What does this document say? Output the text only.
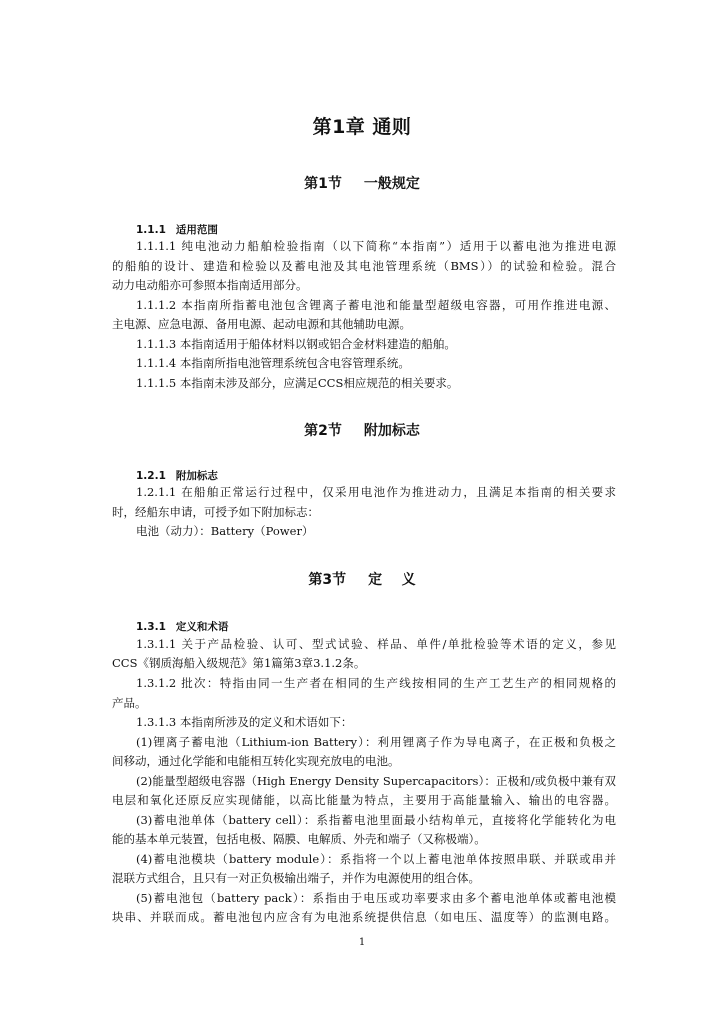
第1章 通则
第1节 一般规定
1.1.1 适用范围
1.1.1.1 纯电池动力船舶检验指南（以下简称“本指南”）适用于以蓄电池为推进电源
的船舶的设计、建造和检验以及蓄电池及其电池管理系统（BMS））的试验和检验。混合
动力电动船亦可参照本指南适用部分。
1.1.1.2 本指南所指蓄电池包含锂离子蓄电池和能量型超级电容器，可用作推进电源、
主电源、应急电源、备用电源、起动电源和其他辅助电源。
1.1.1.3 本指南适用于船体材料以钢或铝合金材料建造的船舶。
1.1.1.4 本指南所指电池管理系统包含电容管理系统。
1.1.1.5 本指南未涉及部分，应满足CCS相应规范的相关要求。
第2节 附加标志
1.2.1 附加标志
1.2.1.1 在船舶正常运行过程中，仅采用电池作为推进动力，且满足本指南的相关要求
时，经船东申请，可授予如下附加标志：
电池（动力）：Battery（Power）
第3节 定    义
1.3.1 定义和术语
1.3.1.1 关于产品检验、认可、型式试验、样品、单件/单批检验等术语的定义，参见
CCS《钢质海船入级规范》第1篇第3章3.1.2条。
1.3.1.2 批次：特指由同一生产者在相同的生产线按相同的生产工艺生产的相同规格的
产品。
1.3.1.3 本指南所涉及的定义和术语如下：
(1)锂离子蓄电池（Lithium-ion Battery）：利用锂离子作为导电离子，在正极和负极之
间移动，通过化学能和电能相互转化实现充放电的电池。
(2)能量型超级电容器（High Energy Density Supercapacitors）：正极和/或负极中兼有双
电层和氧化还原反应实现储能，以高比能量为特点，主要用于高能量输入、输出的电容器。
(3)蓄电池单体（battery cell）：系指蓄电池里面最小结构单元，直接将化学能转化为电
能的基本单元装置，包括电极、隔膜、电解质、外壳和端子（又称极端）。
(4)蓄电池模块（battery module）：系指将一个以上蓄电池单体按照串联、并联或串并
混联方式组合，且只有一对正负极输出端子，并作为电源使用的组合体。
(5)蓄电池包（battery pack）：系指由于电压或功率要求由多个蓄电池单体或蓄电池模
块串、并联而成。蓄电池包内应含有为电池系统提供信息（如电压、温度等）的监测电路。
1
